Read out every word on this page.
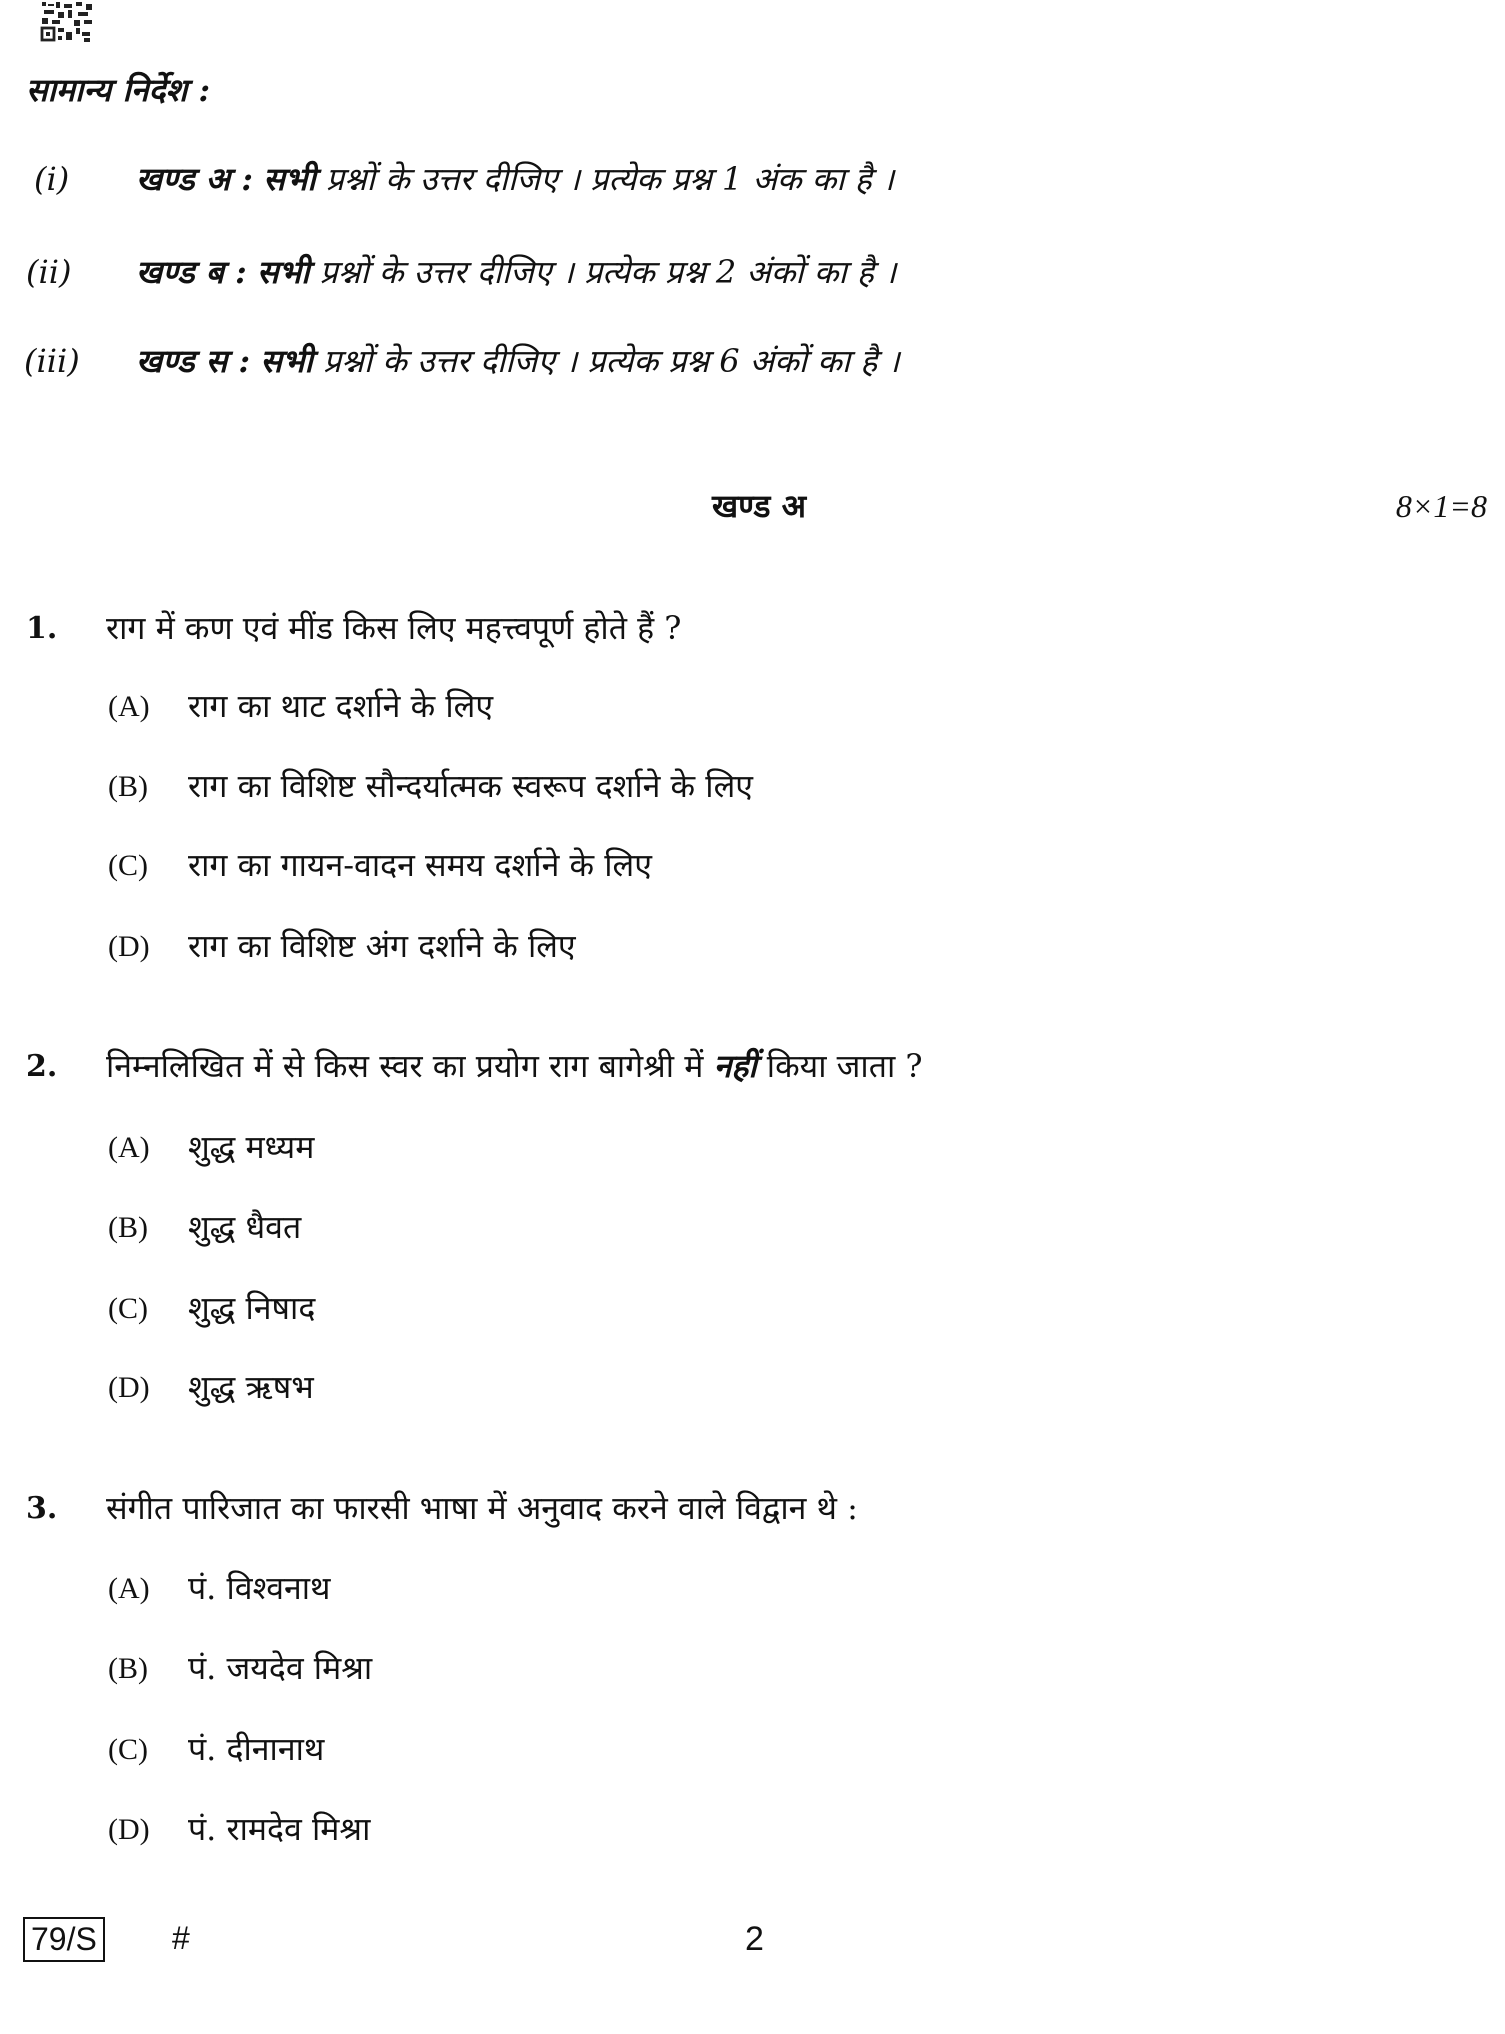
सामान्य निर्देश :
(i) खण्ड अ : सभी प्रश्नों के उत्तर दीजिए । प्रत्येक प्रश्न 1 अंक का है ।
(ii) खण्ड ब : सभी प्रश्नों के उत्तर दीजिए । प्रत्येक प्रश्न 2 अंकों का है ।
(iii) खण्ड स : सभी प्रश्नों के उत्तर दीजिए । प्रत्येक प्रश्न 6 अंकों का है ।
खण्ड अ	8×1=8
1. राग में कण एवं मींड किस लिए महत्त्वपूर्ण होते हैं ?
(A) राग का थाट दर्शाने के लिए
(B) राग का विशिष्ट सौन्दर्यात्मक स्वरूप दर्शाने के लिए
(C) राग का गायन-वादन समय दर्शाने के लिए
(D) राग का विशिष्ट अंग दर्शाने के लिए
2. निम्नलिखित में से किस स्वर का प्रयोग राग बागेश्री में नहीं किया जाता ?
(A) शुद्ध मध्यम
(B) शुद्ध धैवत
(C) शुद्ध निषाद
(D) शुद्ध ऋषभ
3. संगीत पारिजात का फारसी भाषा में अनुवाद करने वाले विद्वान थे :
(A) पं. विश्वनाथ
(B) पं. जयदेव मिश्रा
(C) पं. दीनानाथ
(D) पं. रामदेव मिश्रा
79/S #	2
